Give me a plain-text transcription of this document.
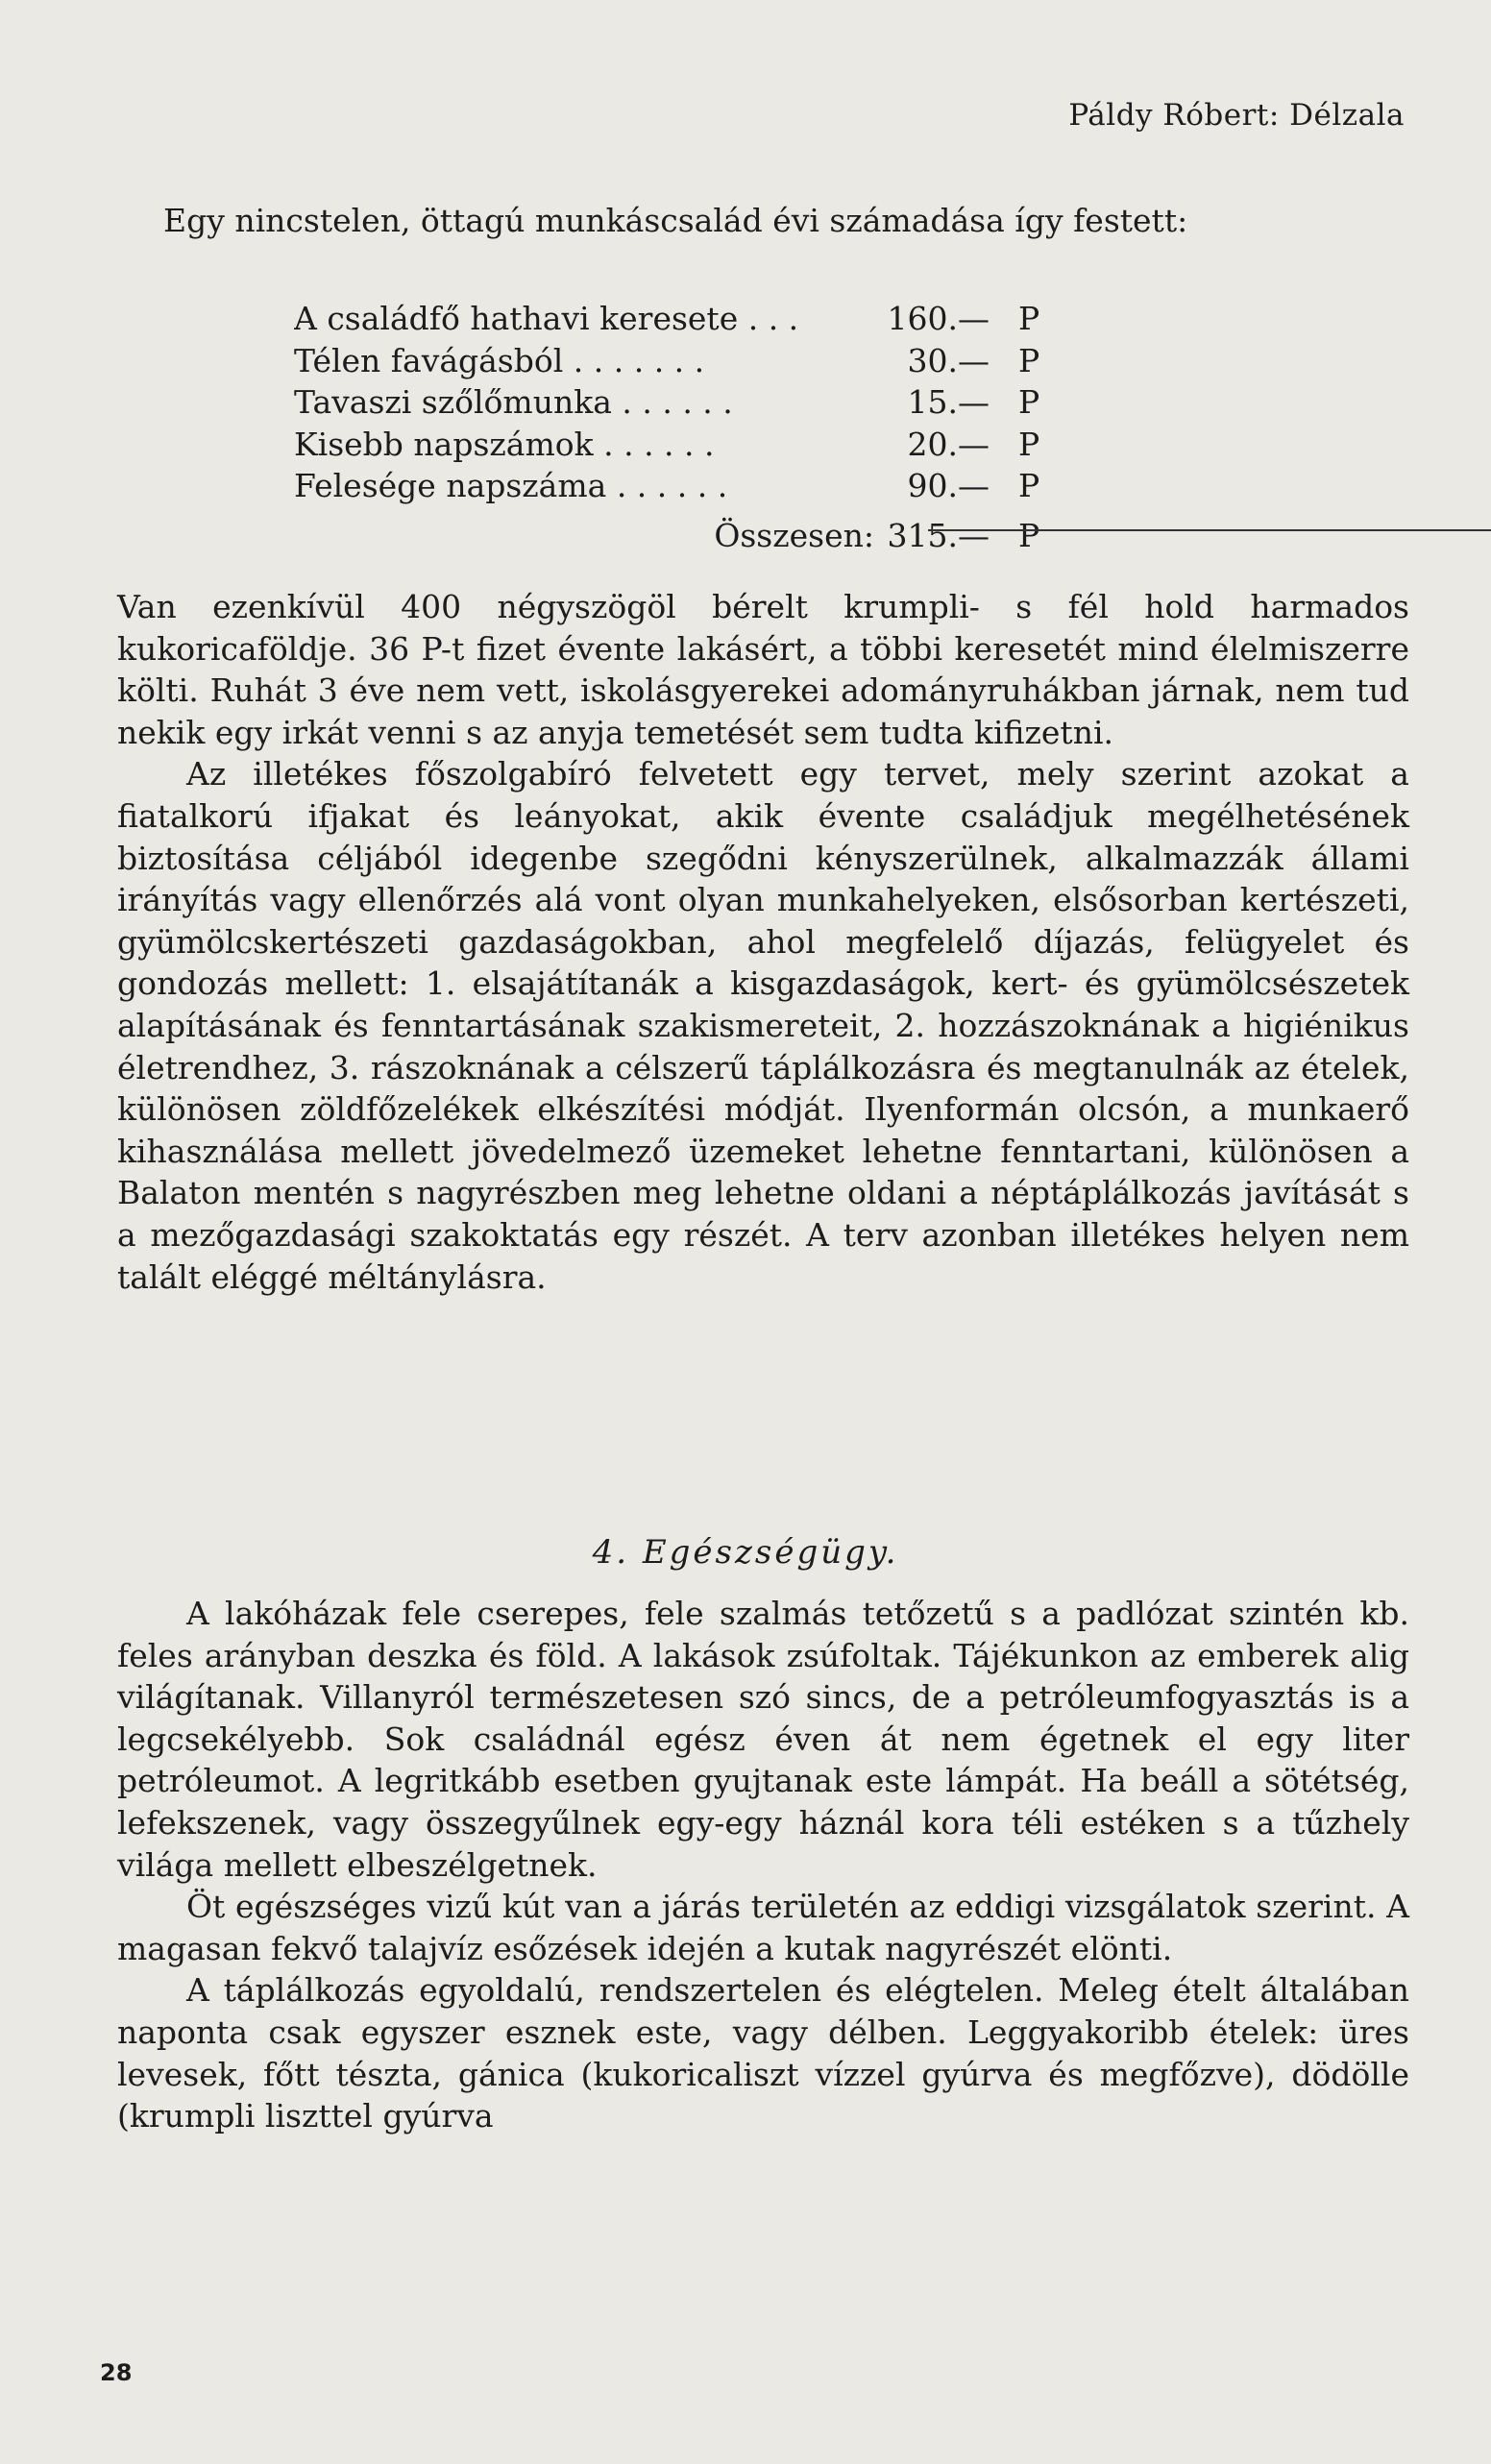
Páldy Róbert: Délzala

Egy nincstelen, öttagú munkáscsalád évi számadása így festett:

A családfő hathavi keresete . . .	160.— P
Télen favágásból . . . . . . .	30.— P
Tavaszi szőlőmunka . . . . . .	15.— P
Kisebb napszámok . . . . . .	20.— P
Felesége napszáma . . . . . .	90.— P
Összesen: 315.— P

Van ezenkívül 400 négyszögöl bérelt krumpli- s fél hold harmados kukoricaföldje. 36 P-t fizet évente lakásért, a többi keresetét mind élelmiszerre költi. Ruhát 3 éve nem vett, iskolásgyerekei adományruhákban járnak, nem tud nekik egy irkát venni s az anyja temetését sem tudta kifizetni.

Az illetékes főszolgabíró felvetett egy tervet, mely szerint azokat a fiatalkorú ifjakat és leányokat, akik évente családjuk megélhetésének biztosítása céljából idegenbe szegődni kényszerülnek, alkalmazzák állami irányítás vagy ellenőrzés alá vont olyan munkahelyeken, elsősorban kertészeti, gyümölcskertészeti gazdaságokban, ahol megfelelő díjazás, felügyelet és gondozás mellett: 1. elsajátítanák a kisgazdaságok, kert- és gyümölcsészetek alapításának és fenntartásának szakismereteit, 2. hozzászoknának a higiénikus életrendhez, 3. rászoknának a célszerű táplálkozásra és megtanulnák az ételek, különösen zöldfőzelékek elkészítési módját. Ilyenformán olcsón, a munkaerő kihasználása mellett jövedelmező üzemeket lehetne fenntartani, különösen a Balaton mentén s nagyrészben meg lehetne oldani a néptáplálkozás javítását s a mezőgazdasági szakoktatás egy részét. A terv azonban illetékes helyen nem talált eléggé méltánylásra.

4. Egészségügy.

A lakóházak fele cserepes, fele szalmás tetőzetű s a padlózat szintén kb. feles arányban deszka és föld. A lakások zsúfoltak. Tájékunkon az emberek alig világítanak. Villanyról természetesen szó sincs, de a petróleumfogyasztás is a legcsekélyebb. Sok családnál egész éven át nem égetnek el egy liter petróleumot. A legritkább esetben gyujtanak este lámpát. Ha beáll a sötétség, lefekszenek, vagy összegyűlnek egy-egy háznál kora téli estéken s a tűzhely világa mellett elbeszélgetnek.

Öt egészséges vizű kút van a járás területén az eddigi vizsgálatok szerint. A magasan fekvő talajvíz esőzések idején a kutak nagyrészét elönti.

A táplálkozás egyoldalú, rendszertelen és elégtelen. Meleg ételt általában naponta csak egyszer esznek este, vagy délben. Leggyakoribb ételek: üres levesek, főtt tészta, gánica (kukoricaliszt vízzel gyúrva és megfőzve), dödölle (krumpli liszttel gyúrva

28
